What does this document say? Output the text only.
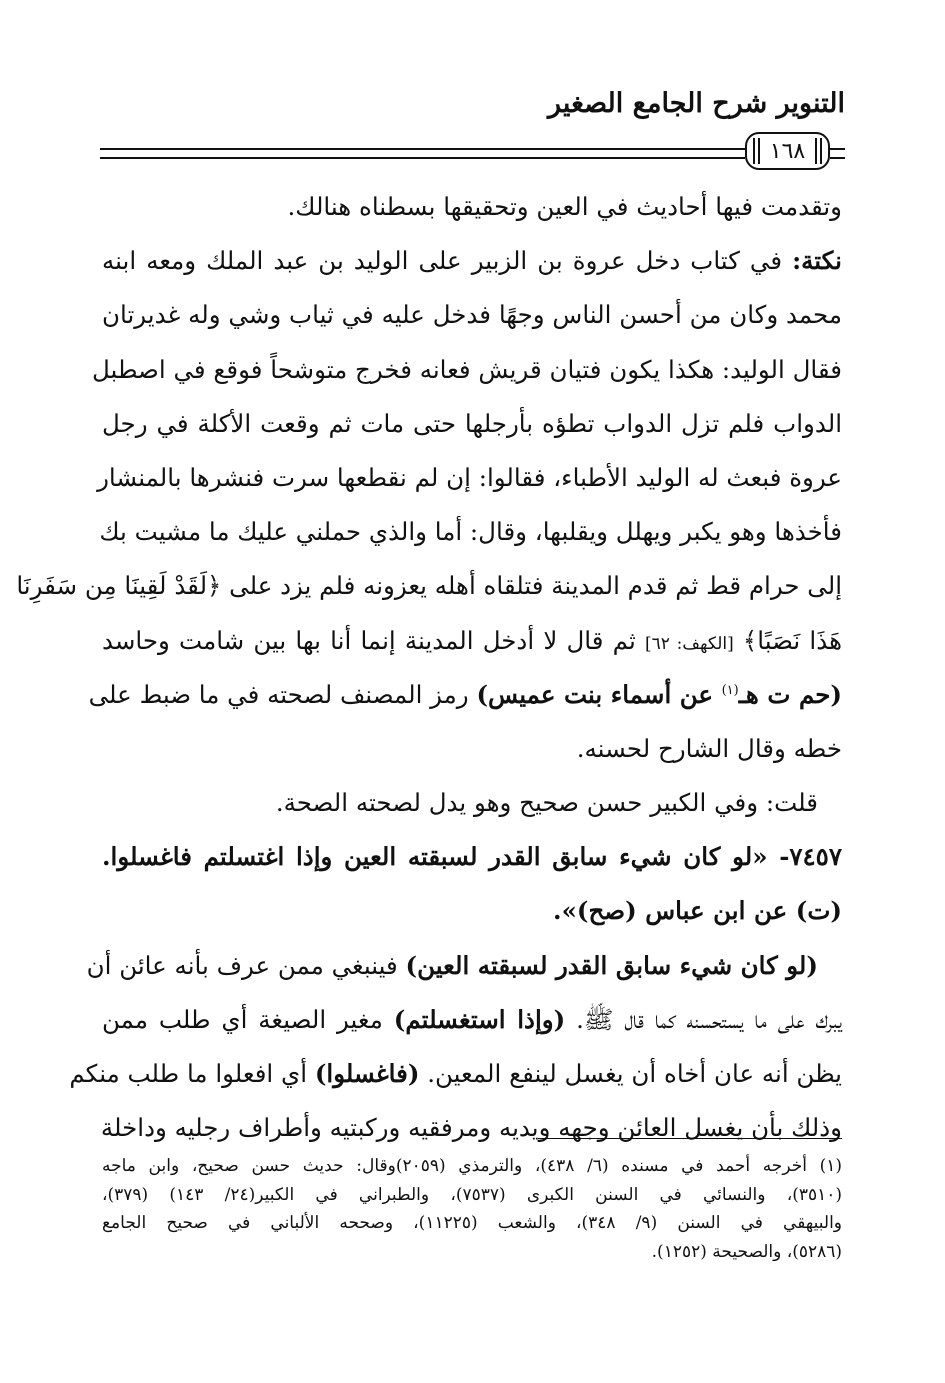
التنوير شرح الجامع الصغير
١٦٨
وتقدمت فيها أحاديث في العين وتحقيقها بسطناه هنالك.
نكتة: في كتاب دخل عروة بن الزبير على الوليد بن عبد الملك ومعه ابنه
محمد وكان من أحسن الناس وجهًا فدخل عليه في ثياب وشي وله غديرتان
فقال الوليد: هكذا يكون فتيان قريش فعانه فخرج متوشحاً فوقع في اصطبل
الدواب فلم تزل الدواب تطؤه بأرجلها حتى مات ثم وقعت الأكلة في رجل
عروة فبعث له الوليد الأطباء، فقالوا: إن لم نقطعها سرت فنشرها بالمنشار
فأخذها وهو يكبر ويهلل ويقلبها، وقال: أما والذي حملني عليك ما مشيت بك
إلى حرام قط ثم قدم المدينة فتلقاه أهله يعزونه فلم يزد على ﴿لَقَدْ لَقِينَا مِن سَفَرِنَا
هَذَا نَصَبًا﴾ [الكهف: ٦٢] ثم قال لا أدخل المدينة إنما أنا بها بين شامت وحاسد
(حم ت هـ$^{(١)}$ عن أسماء بنت عميس) رمز المصنف لصحته في ما ضبط على
خطه وقال الشارح لحسنه.
قلت: وفي الكبير حسن صحيح وهو يدل لصحته الصحة.
٧٤٥٧- «لو كان شيء سابق القدر لسبقته العين وإذا اغتسلتم فاغسلوا.
(ت) عن ابن عباس (صح)».
(لو كان شيء سابق القدر لسبقته العين) فينبغي ممن عرف بأنه عائن أن
يبرك على ما يستحسنه كما قال ﷺ. (وإذا استغسلتم) مغير الصيغة أي طلب ممن
يظن أنه عان أخاه أن يغسل لينفع المعين. (فاغسلوا) أي افعلوا ما طلب منكم
وذلك بأن يغسل العائن وجهه ويديه ومرفقيه وركبتيه وأطراف رجليه وداخلة
(١) أخرجه أحمد في مسنده (٦/ ٤٣٨)، والترمذي (٢٠٥٩)وقال: حديث حسن صحيح، وابن ماجه
(٣٥١٠)، والنسائي في السنن الكبرى (٧٥٣٧)، والطبراني في الكبير(٢٤/ ١٤٣) (٣٧٩)،
والبيهقي في السنن (٩/ ٣٤٨)، والشعب (١١٢٢٥)، وصححه الألباني في صحيح الجامع
(٥٢٨٦)، والصحيحة (١٢٥٢).
